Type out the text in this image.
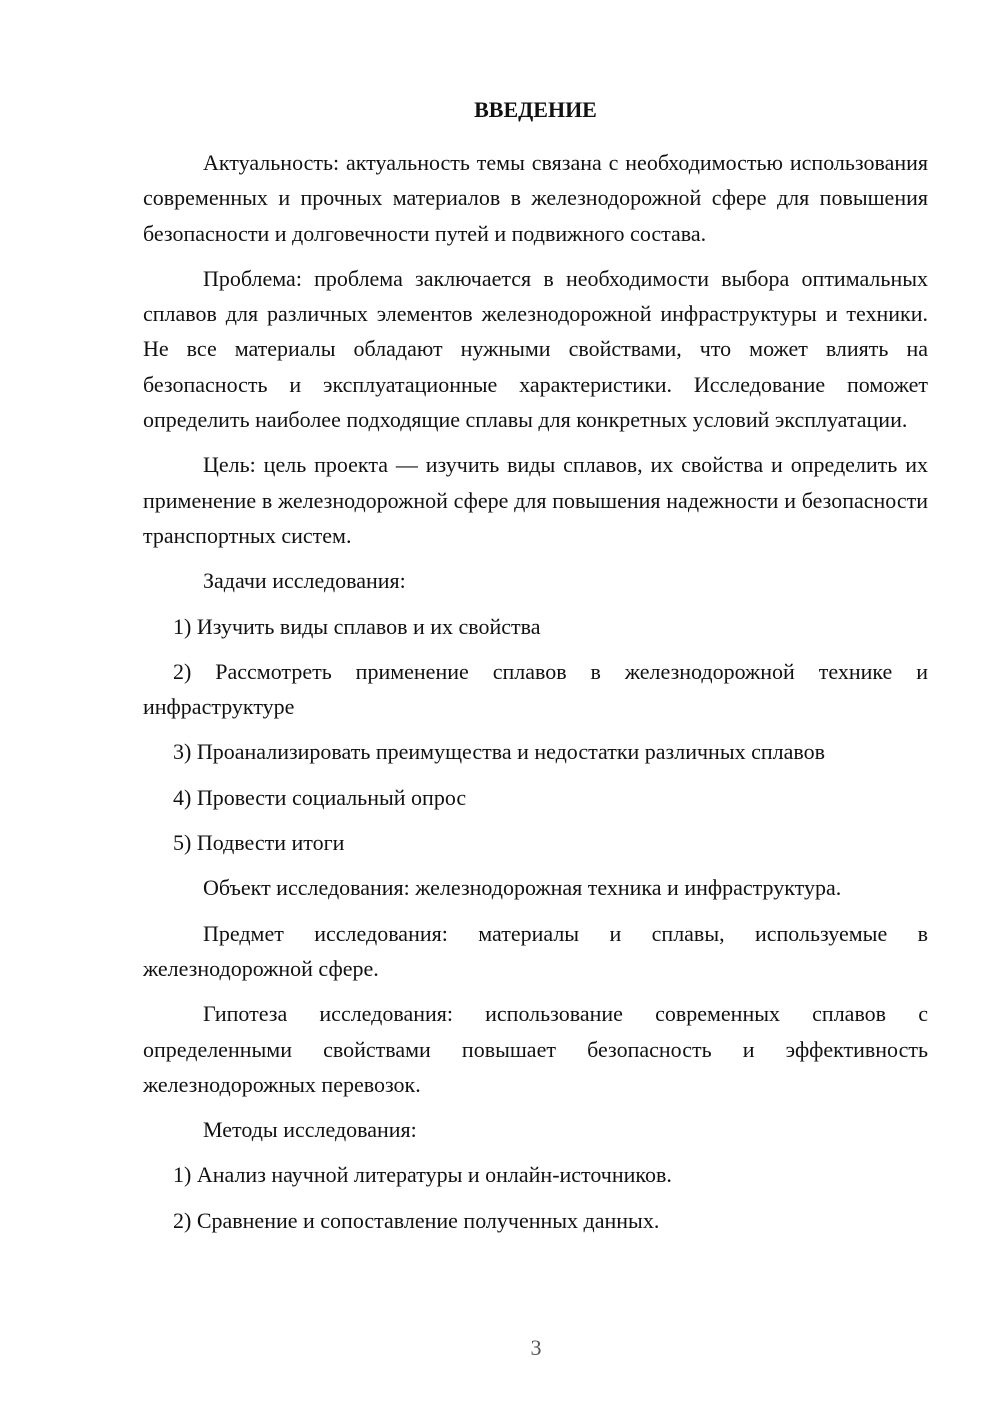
ВВЕДЕНИЕ

Актуальность: актуальность темы связана с необходимостью использования современных и прочных материалов в железнодорожной сфере для повышения безопасности и долговечности путей и подвижного состава.

Проблема: проблема заключается в необходимости выбора оптимальных сплавов для различных элементов железнодорожной инфраструктуры и техники. Не все материалы обладают нужными свойствами, что может влиять на безопасность и эксплуатационные характеристики. Исследование поможет определить наиболее подходящие сплавы для конкретных условий эксплуатации.

Цель: цель проекта — изучить виды сплавов, их свойства и определить их применение в железнодорожной сфере для повышения надежности и безопасности транспортных систем.

Задачи исследования:

1) Изучить виды сплавов и их свойства

2) Рассмотреть применение сплавов в железнодорожной технике и инфраструктуре

3) Проанализировать преимущества и недостатки различных сплавов

4) Провести социальный опрос

5) Подвести итоги

Объект исследования: железнодорожная техника и инфраструктура.

Предмет исследования: материалы и сплавы, используемые в железнодорожной сфере.

Гипотеза исследования: использование современных сплавов с определенными свойствами повышает безопасность и эффективность железнодорожных перевозок.

Методы исследования:

1) Анализ научной литературы и онлайн-источников.

2) Сравнение и сопоставление полученных данных.

3
